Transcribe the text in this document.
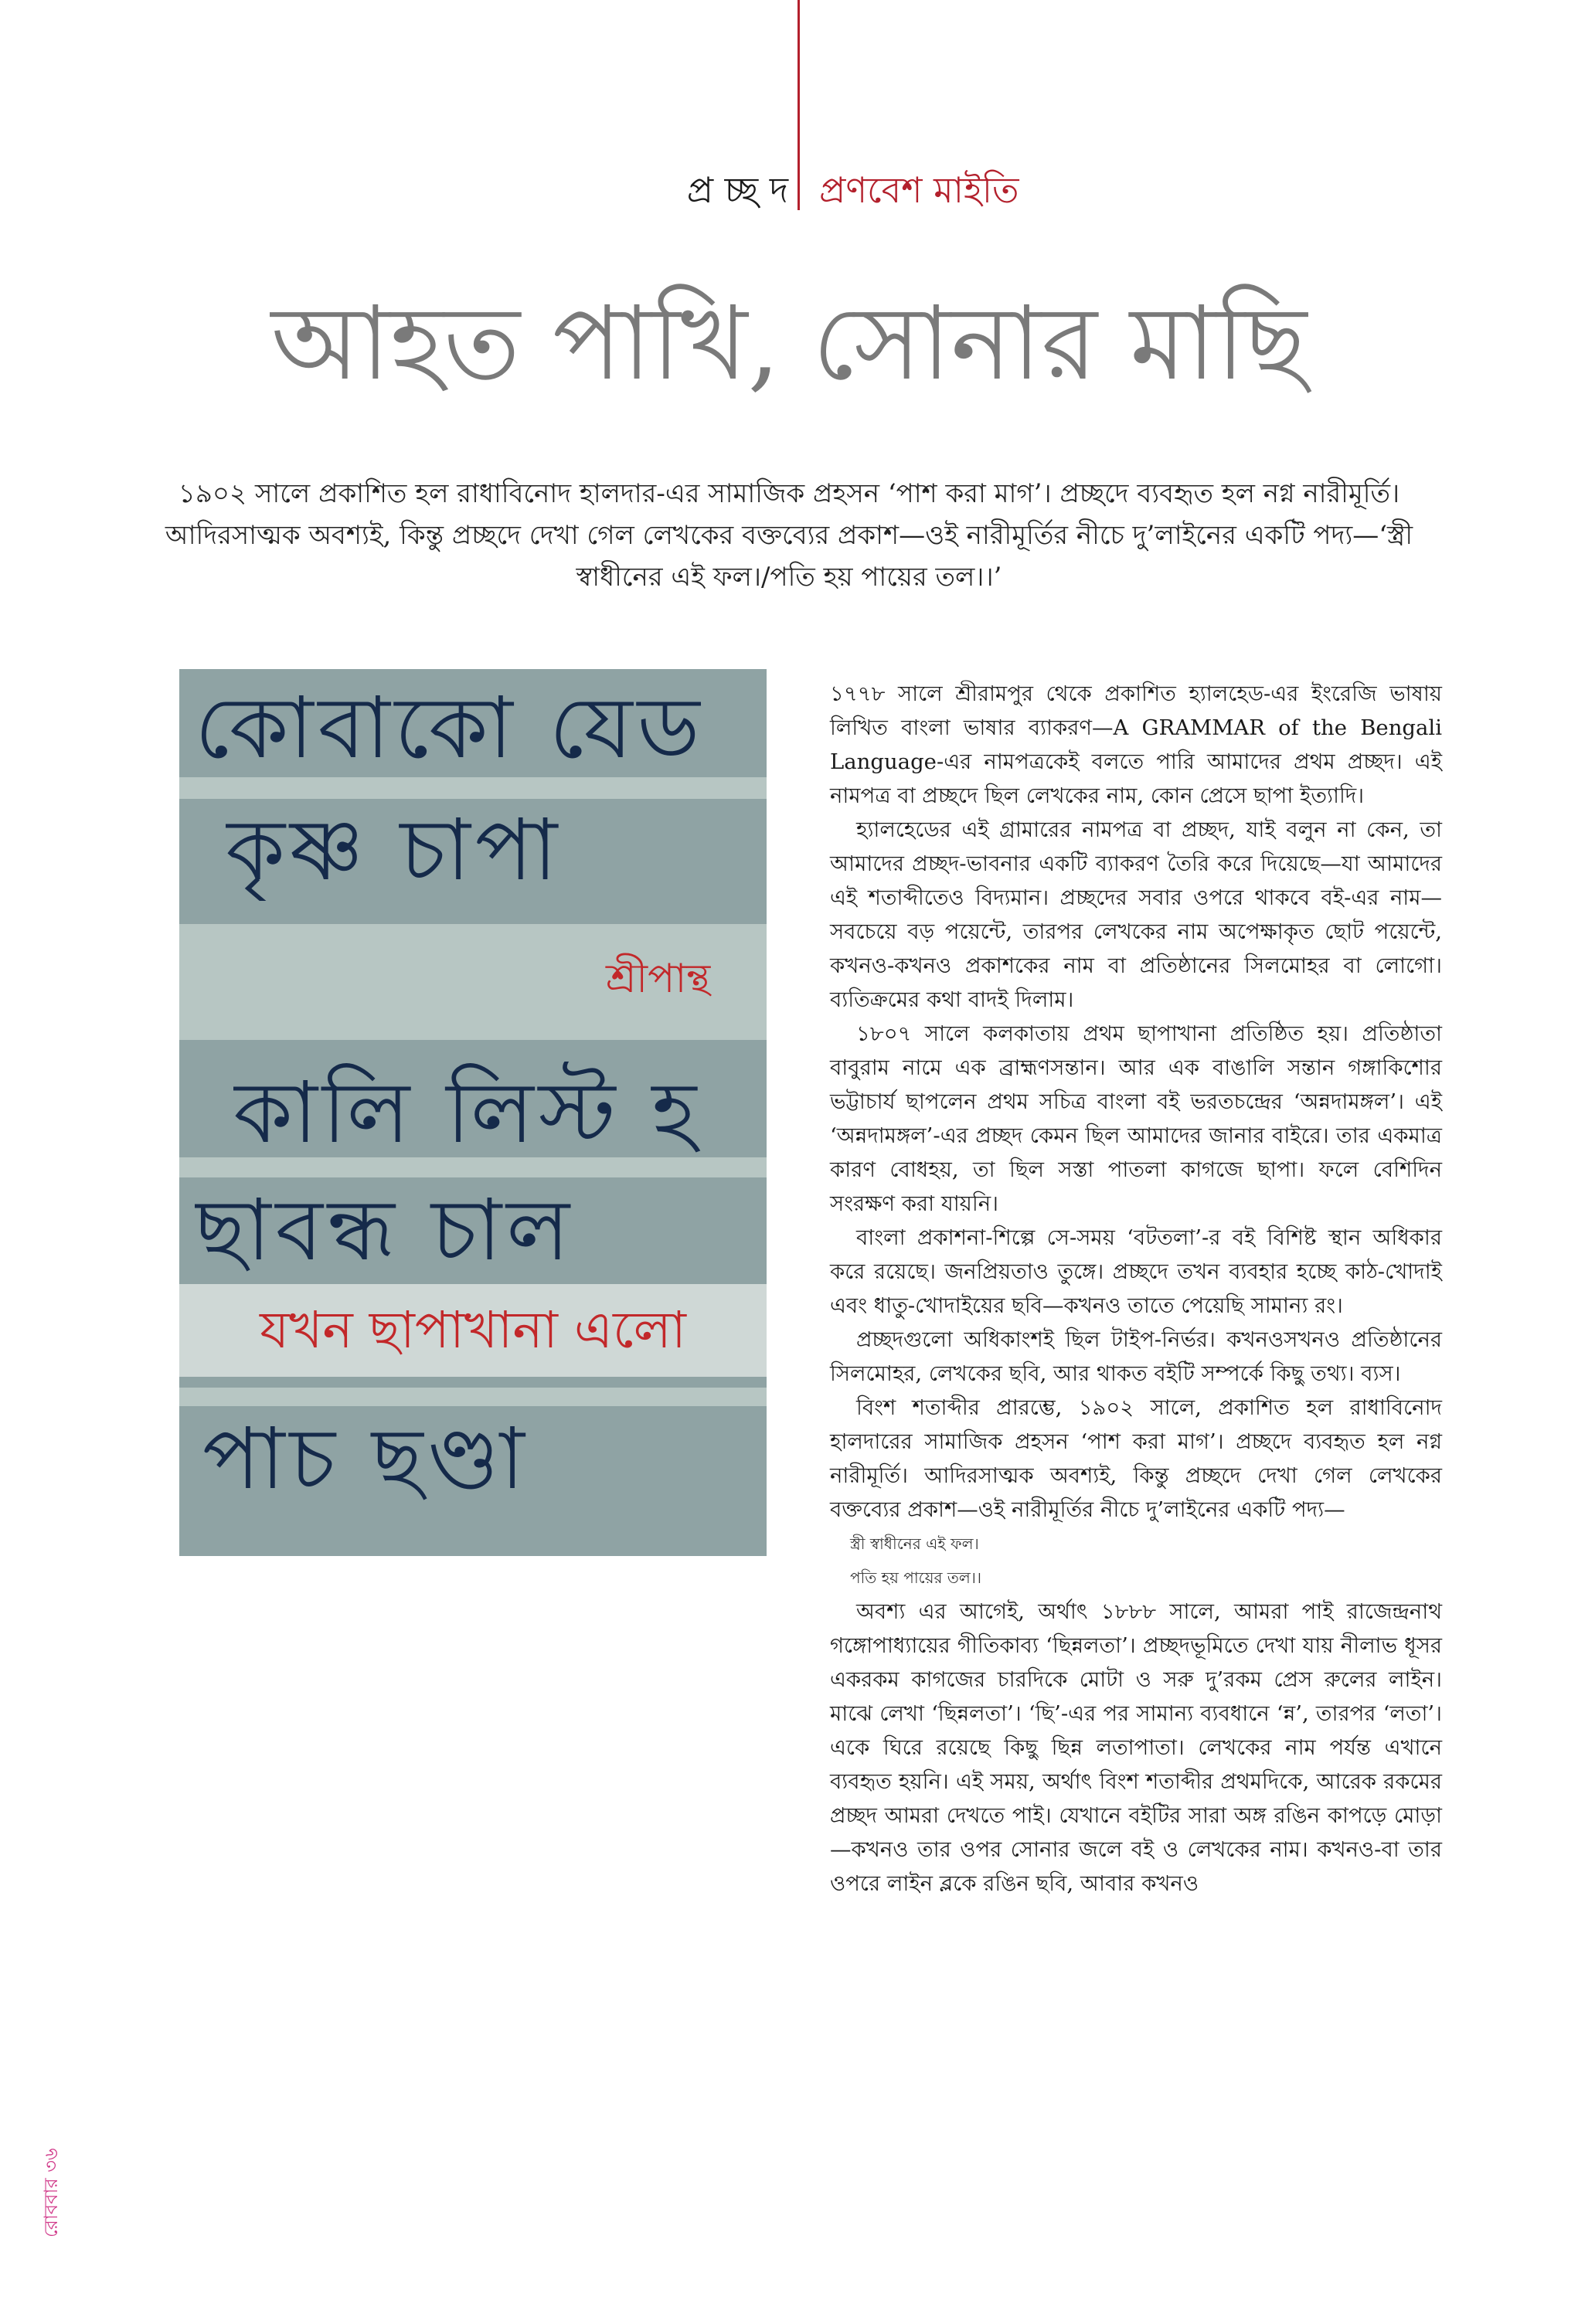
প্র চ্ছ দ প্রণবেশ মাইতি
আহত পাখি, সোনার মাছি
১৯০২ সালে প্রকাশিত হল রাধাবিনোদ হালদার-এর সামাজিক প্রহসন ‘পাশ করা মাগ’। প্রচ্ছদে ব্যবহৃত হল নগ্ন নারীমূর্তি। আদিরসাত্মক অবশ্যই, কিন্তু প্রচ্ছদে দেখা গেল লেখকের বক্তব্যের প্রকাশ—ওই নারীমূর্তির নীচে দু’লাইনের একটি পদ্য—‘স্ত্রী স্বাধীনের এই ফল।/পতি হয় পায়ের তল।।’
কোবাকো যেড
কৃষ্ণ চাপা
শ্রীপান্থ
কালি লিস্ট হ
ছাবন্ধ চাল
যখন ছাপাখানা এলো
পাচ ছণ্ডা

১৭৭৮ সালে শ্রীরামপুর থেকে প্রকাশিত হ্যালহেড-এর ইংরেজি ভাষায় লিখিত বাংলা ভাষার ব্যাকরণ—A GRAMMAR of the Bengali Language-এর নামপত্রকেই বলতে পারি আমাদের প্রথম প্রচ্ছদ। এই নামপত্র বা প্রচ্ছদে ছিল লেখকের নাম, কোন প্রেসে ছাপা ইত্যাদি।

হ্যালহেডের এই গ্রামারের নামপত্র বা প্রচ্ছদ, যাই বলুন না কেন, তা আমাদের প্রচ্ছদ-ভাবনার একটি ব্যাকরণ তৈরি করে দিয়েছে—যা আমাদের এই শতাব্দীতেও বিদ্যমান। প্রচ্ছদের সবার ওপরে থাকবে বই-এর নাম—সবচেয়ে বড় পয়েন্টে, তারপর লেখকের নাম অপেক্ষাকৃত ছোট পয়েন্টে, কখনও-কখনও প্রকাশকের নাম বা প্রতিষ্ঠানের সিলমোহর বা লোগো। ব্যতিক্রমের কথা বাদই দিলাম।

১৮০৭ সালে কলকাতায় প্রথম ছাপাখানা প্রতিষ্ঠিত হয়। প্রতিষ্ঠাতা বাবুরাম নামে এক ব্রাহ্মণসন্তান। আর এক বাঙালি সন্তান গঙ্গাকিশোর ভট্টাচার্য ছাপলেন প্রথম সচিত্র বাংলা বই ভরতচন্দ্রের ‘অন্নদামঙ্গল’। এই ‘অন্নদামঙ্গল’-এর প্রচ্ছদ কেমন ছিল আমাদের জানার বাইরে। তার একমাত্র কারণ বোধহয়, তা ছিল সস্তা পাতলা কাগজে ছাপা। ফলে বেশিদিন সংরক্ষণ করা যায়নি।

বাংলা প্রকাশনা-শিল্পে সে-সময় ‘বটতলা’-র বই বিশিষ্ট স্থান অধিকার করে রয়েছে। জনপ্রিয়তাও তুঙ্গে। প্রচ্ছদে তখন ব্যবহার হচ্ছে কাঠ-খোদাই এবং ধাতু-খোদাইয়ের ছবি—কখনও তাতে পেয়েছি সামান্য রং।

প্রচ্ছদগুলো অধিকাংশই ছিল টাইপ-নির্ভর। কখনওসখনও প্রতিষ্ঠানের সিলমোহর, লেখকের ছবি, আর থাকত বইটি সম্পর্কে কিছু তথ্য। ব্যস।

বিংশ শতাব্দীর প্রারম্ভে, ১৯০২ সালে, প্রকাশিত হল রাধাবিনোদ হালদারের সামাজিক প্রহসন ‘পাশ করা মাগ’। প্রচ্ছদে ব্যবহৃত হল নগ্ন নারীমূর্তি। আদিরসাত্মক অবশ্যই, কিন্তু প্রচ্ছদে দেখা গেল লেখকের বক্তব্যের প্রকাশ—ওই নারীমূর্তির নীচে দু’লাইনের একটি পদ্য—

স্ত্রী স্বাধীনের এই ফল।
পতি হয় পায়ের তল।।

অবশ্য এর আগেই, অর্থাৎ ১৮৮৮ সালে, আমরা পাই রাজেন্দ্রনাথ গঙ্গোপাধ্যায়ের গীতিকাব্য ‘ছিন্নলতা’। প্রচ্ছদভূমিতে দেখা যায় নীলাভ ধূসর একরকম কাগজের চারদিকে মোটা ও সরু দু’রকম প্রেস রুলের লাইন। মাঝে লেখা ‘ছিন্নলতা’। ‘ছি’-এর পর সামান্য ব্যবধানে ‘ন্ন’, তারপর ‘লতা’। একে ঘিরে রয়েছে কিছু ছিন্ন লতাপাতা। লেখকের নাম পর্যন্ত এখানে ব্যবহৃত হয়নি। এই সময়, অর্থাৎ বিংশ শতাব্দীর প্রথমদিকে, আরেক রকমের প্রচ্ছদ আমরা দেখতে পাই। যেখানে বইটির সারা অঙ্গ রঙিন কাপড়ে মোড়া—কখনও তার ওপর সোনার জলে বই ও লেখকের নাম। কখনও-বা তার ওপরে লাইন ব্লকে রঙিন ছবি, আবার কখনও

রোববার ৩৬
